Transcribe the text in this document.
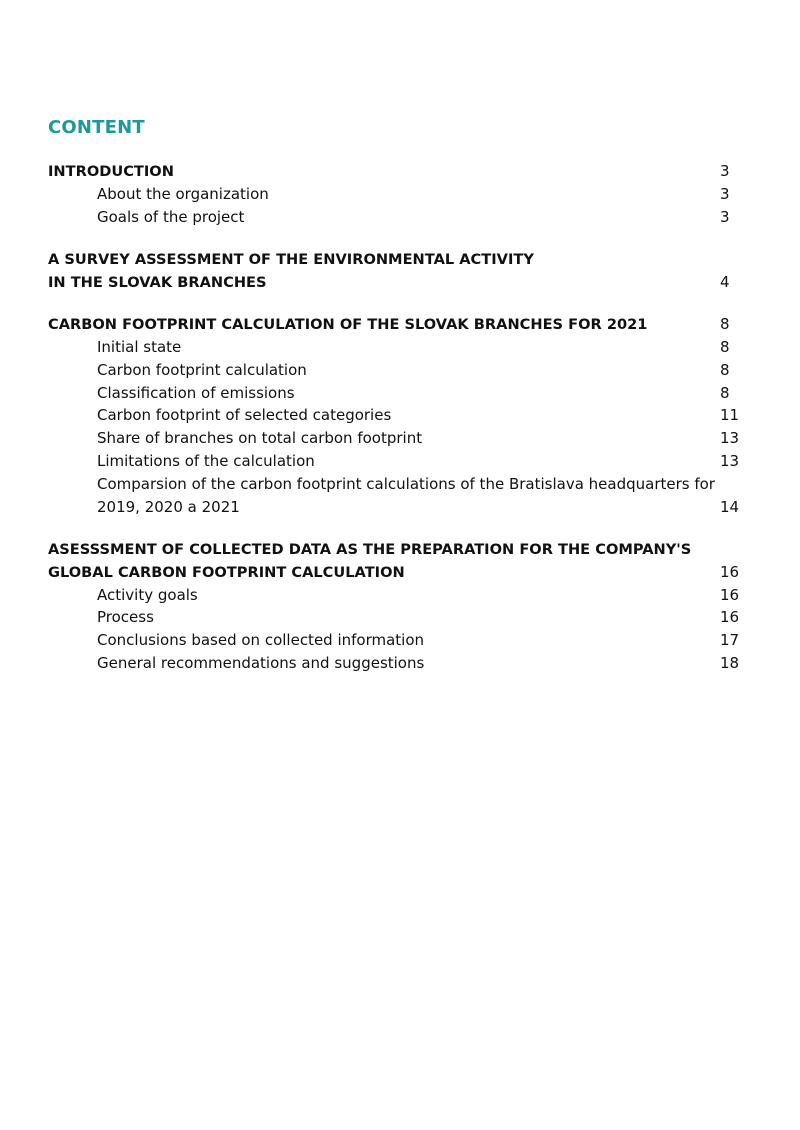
CONTENT
INTRODUCTION	3
About the organization	3
Goals of the project	3
A SURVEY ASSESSMENT OF THE ENVIRONMENTAL ACTIVITY
IN THE SLOVAK BRANCHES	4
CARBON FOOTPRINT CALCULATION OF THE SLOVAK BRANCHES FOR 2021	8
Initial state	8
Carbon footprint calculation	8
Classification of emissions	8
Carbon footprint of selected categories	11
Share of branches on total carbon footprint	13
Limitations of the calculation	13
Comparsion of the carbon footprint calculations of the Bratislava headquarters for
2019, 2020 a 2021	14
ASESSSMENT OF COLLECTED DATA AS THE PREPARATION FOR THE COMPANY'S
GLOBAL CARBON FOOTPRINT CALCULATION	16
Activity goals	16
Process	16
Conclusions based on collected information	17
General recommendations and suggestions	18
